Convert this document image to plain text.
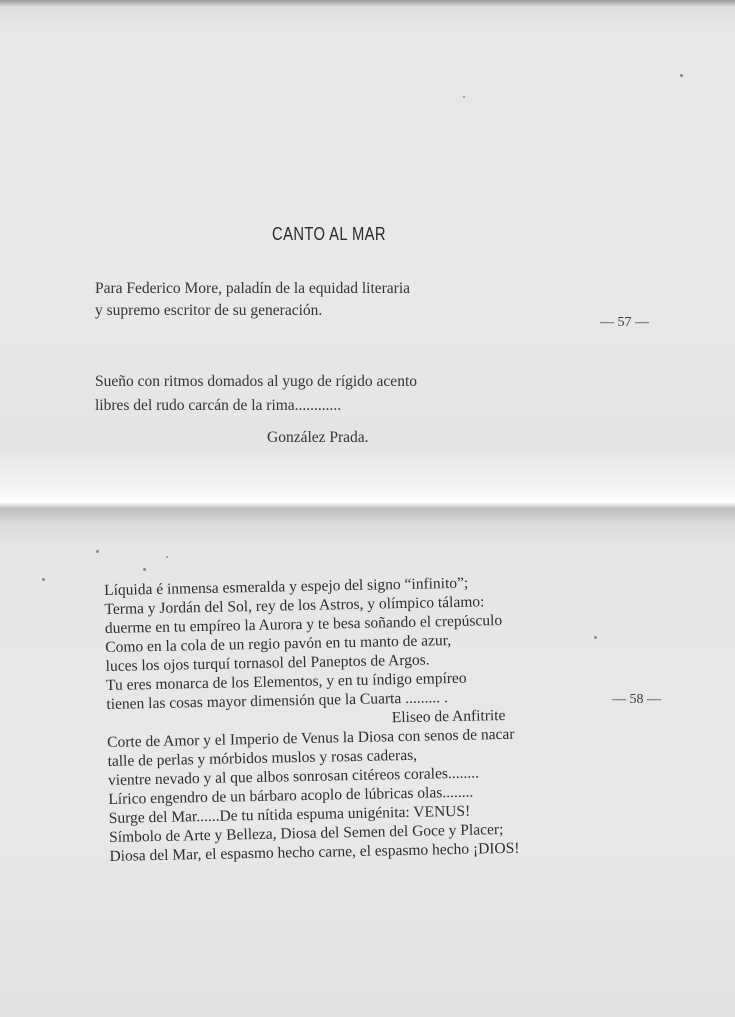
CANTO AL MAR
Para Federico More, paladín de la equidad literaria
y supremo escritor de su generación.
— 57 —
Sueño con ritmos domados al yugo de rígido acento
libres del rudo carcán de la rima............
González Prada.
— 58 —
Líquida é inmensa esmeralda y espejo del signo “infinito”;
Terma y Jordán del Sol, rey de los Astros, y olímpico tálamo:
duerme en tu empíreo la Aurora y te besa soñando el crepúsculo
Como en la cola de un regio pavón en tu manto de azur,
luces los ojos turquí tornasol del Paneptos de Argos.
Tu eres monarca de los Elementos, y en tu índigo empíreo
tienen las cosas mayor dimensión que la Cuarta ......... .
Eliseo de Anfitrite
Corte de Amor y el Imperio de Venus la Diosa con senos de nacar
talle de perlas y mórbidos muslos y rosas caderas,
vientre nevado y al que albos sonrosan citéreos corales........
Lírico engendro de un bárbaro acoplo de lúbricas olas........
Surge del Mar......De tu nítida espuma unigénita: VENUS!
Símbolo de Arte y Belleza, Diosa del Semen del Goce y Placer;
Diosa del Mar, el espasmo hecho carne, el espasmo hecho ¡DIOS!
